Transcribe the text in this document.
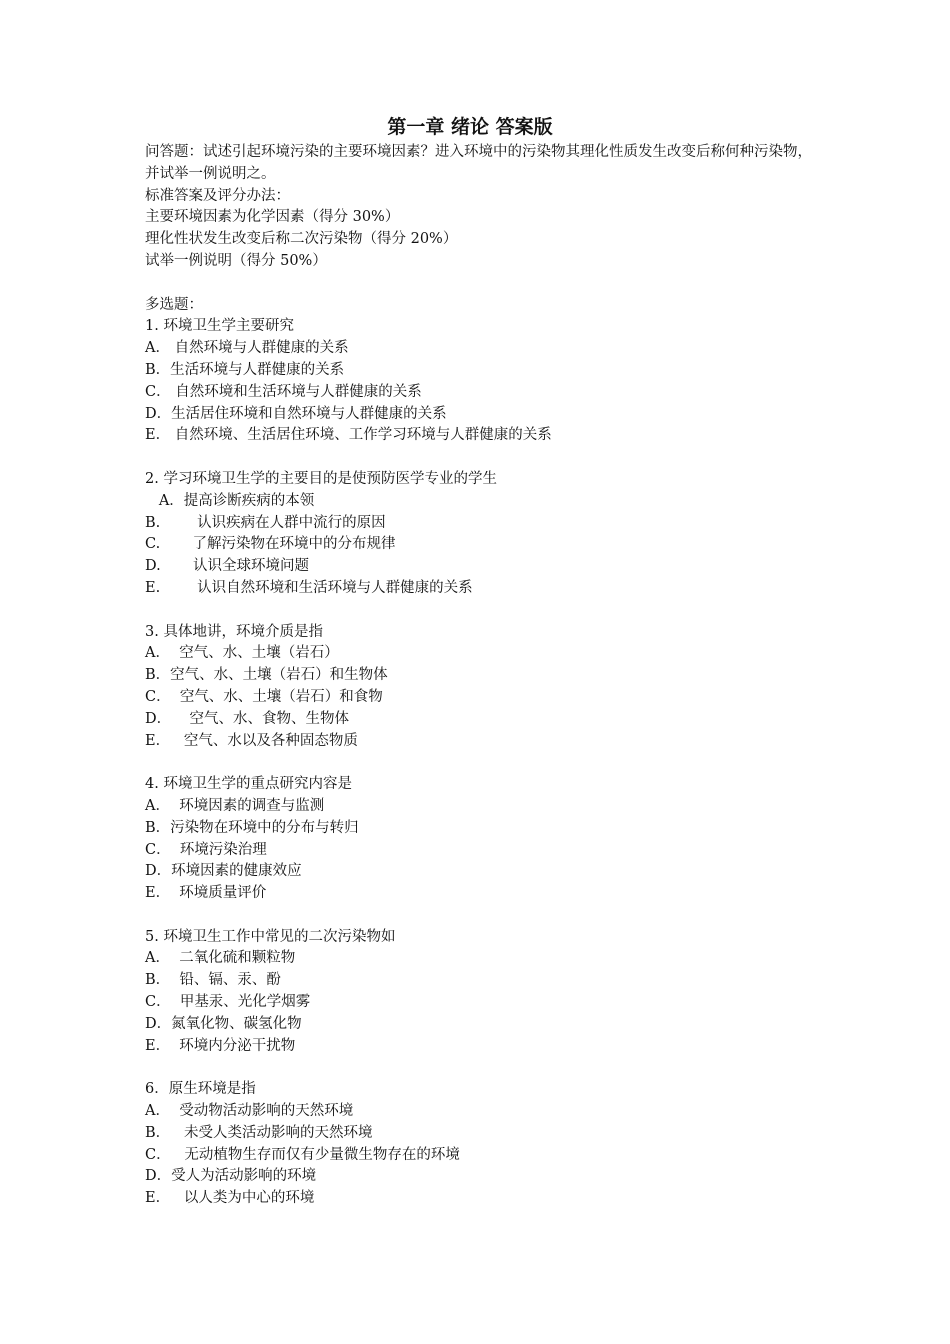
第一章 绪论 答案版
问答题：试述引起环境污染的主要环境因素？进入环境中的污染物其理化性质发生改变后称何种污染物，并试举一例说明之。
标准答案及评分办法：
主要环境因素为化学因素（得分 30%）
理化性状发生改变后称二次污染物（得分 20%）
试举一例说明（得分 50%）
多选题：
1. 环境卫生学主要研究
A． 自然环境与人群健康的关系
B．生活环境与人群健康的关系
C． 自然环境和生活环境与人群健康的关系
D．生活居住环境和自然环境与人群健康的关系
E． 自然环境、生活居住环境、工作学习环境与人群健康的关系
2. 学习环境卫生学的主要目的是使预防医学专业的学生
A．提高诊断疾病的本领
B.        认识疾病在人群中流行的原因
C.       了解污染物在环境中的分布规律
D.       认识全球环境问题
E.        认识自然环境和生活环境与人群健康的关系
3. 具体地讲，环境介质是指
A．  空气、水、土壤（岩石）
B．空气、水、土壤（岩石）和生物体
C．  空气、水、土壤（岩石）和食物
D．    空气、水、食物、生物体
E．   空气、水以及各种固态物质
4. 环境卫生学的重点研究内容是
A．  环境因素的调查与监测
B．污染物在环境中的分布与转归
C．  环境污染治理
D．环境因素的健康效应
E．  环境质量评价
5. 环境卫生工作中常见的二次污染物如
A．  二氧化硫和颗粒物
B．  铅、镉、汞、酚
C．  甲基汞、光化学烟雾
D．氮氧化物、碳氢化物
E．  环境内分泌干扰物
6．原生环境是指
A．  受动物活动影响的天然环境
B．   未受人类活动影响的天然环境
C．   无动植物生存而仅有少量微生物存在的环境
D．受人为活动影响的环境
E．   以人类为中心的环境
